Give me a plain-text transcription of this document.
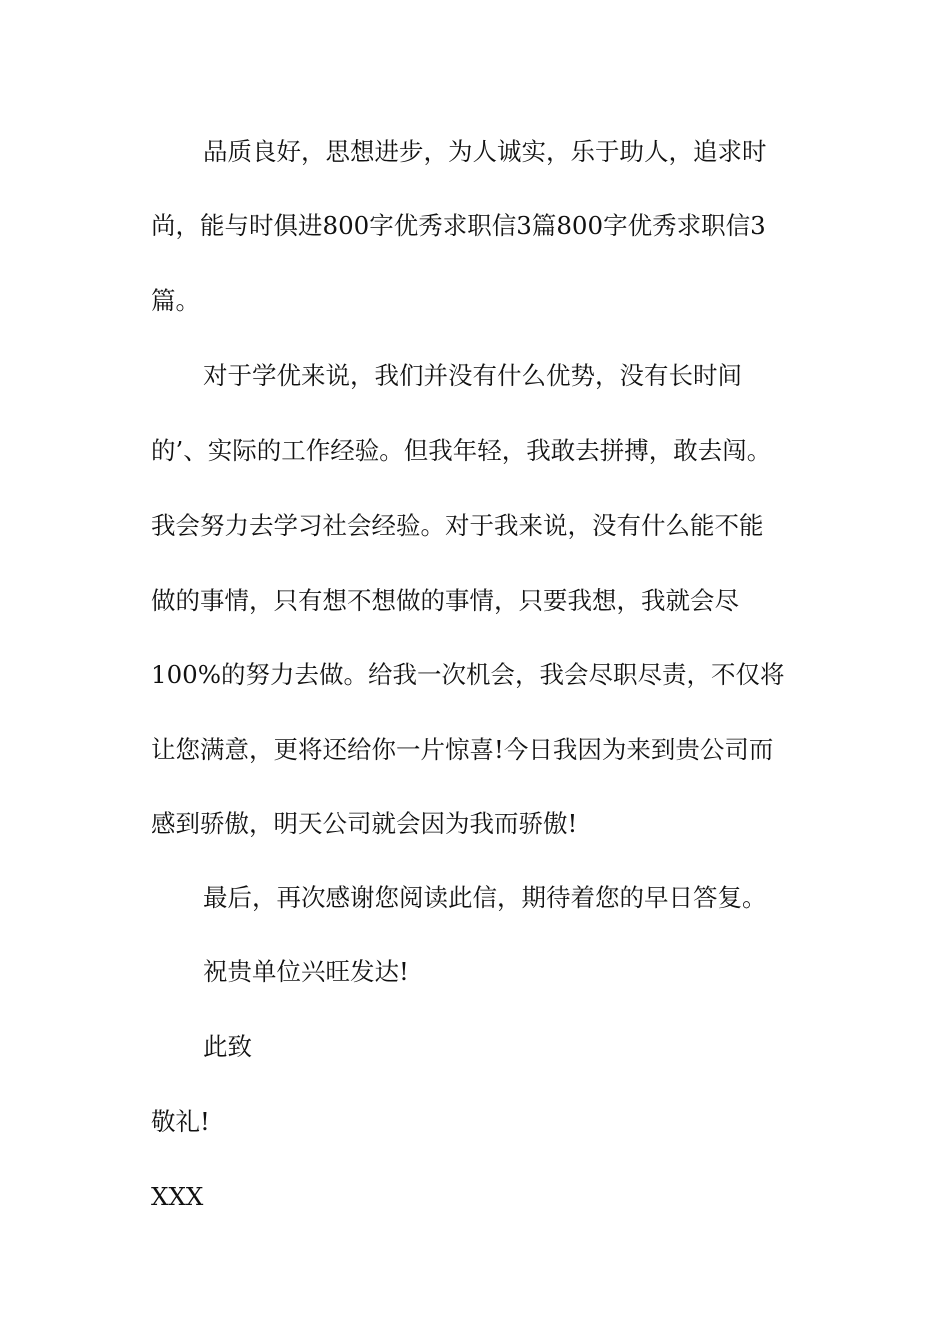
品质良好，思想进步，为人诚实，乐于助人，追求时

尚，能与时俱进800字优秀求职信3篇800字优秀求职信3

篇。

对于学优来说，我们并没有什么优势，没有长时间

的’、实际的工作经验。但我年轻，我敢去拼搏，敢去闯。

我会努力去学习社会经验。对于我来说，没有什么能不能

做的事情，只有想不想做的事情，只要我想，我就会尽

100%的努力去做。给我一次机会，我会尽职尽责，不仅将

让您满意，更将还给你一片惊喜!今日我因为来到贵公司而

感到骄傲，明天公司就会因为我而骄傲!

最后，再次感谢您阅读此信，期待着您的早日答复。

祝贵单位兴旺发达!

此致

敬礼!

XXX
